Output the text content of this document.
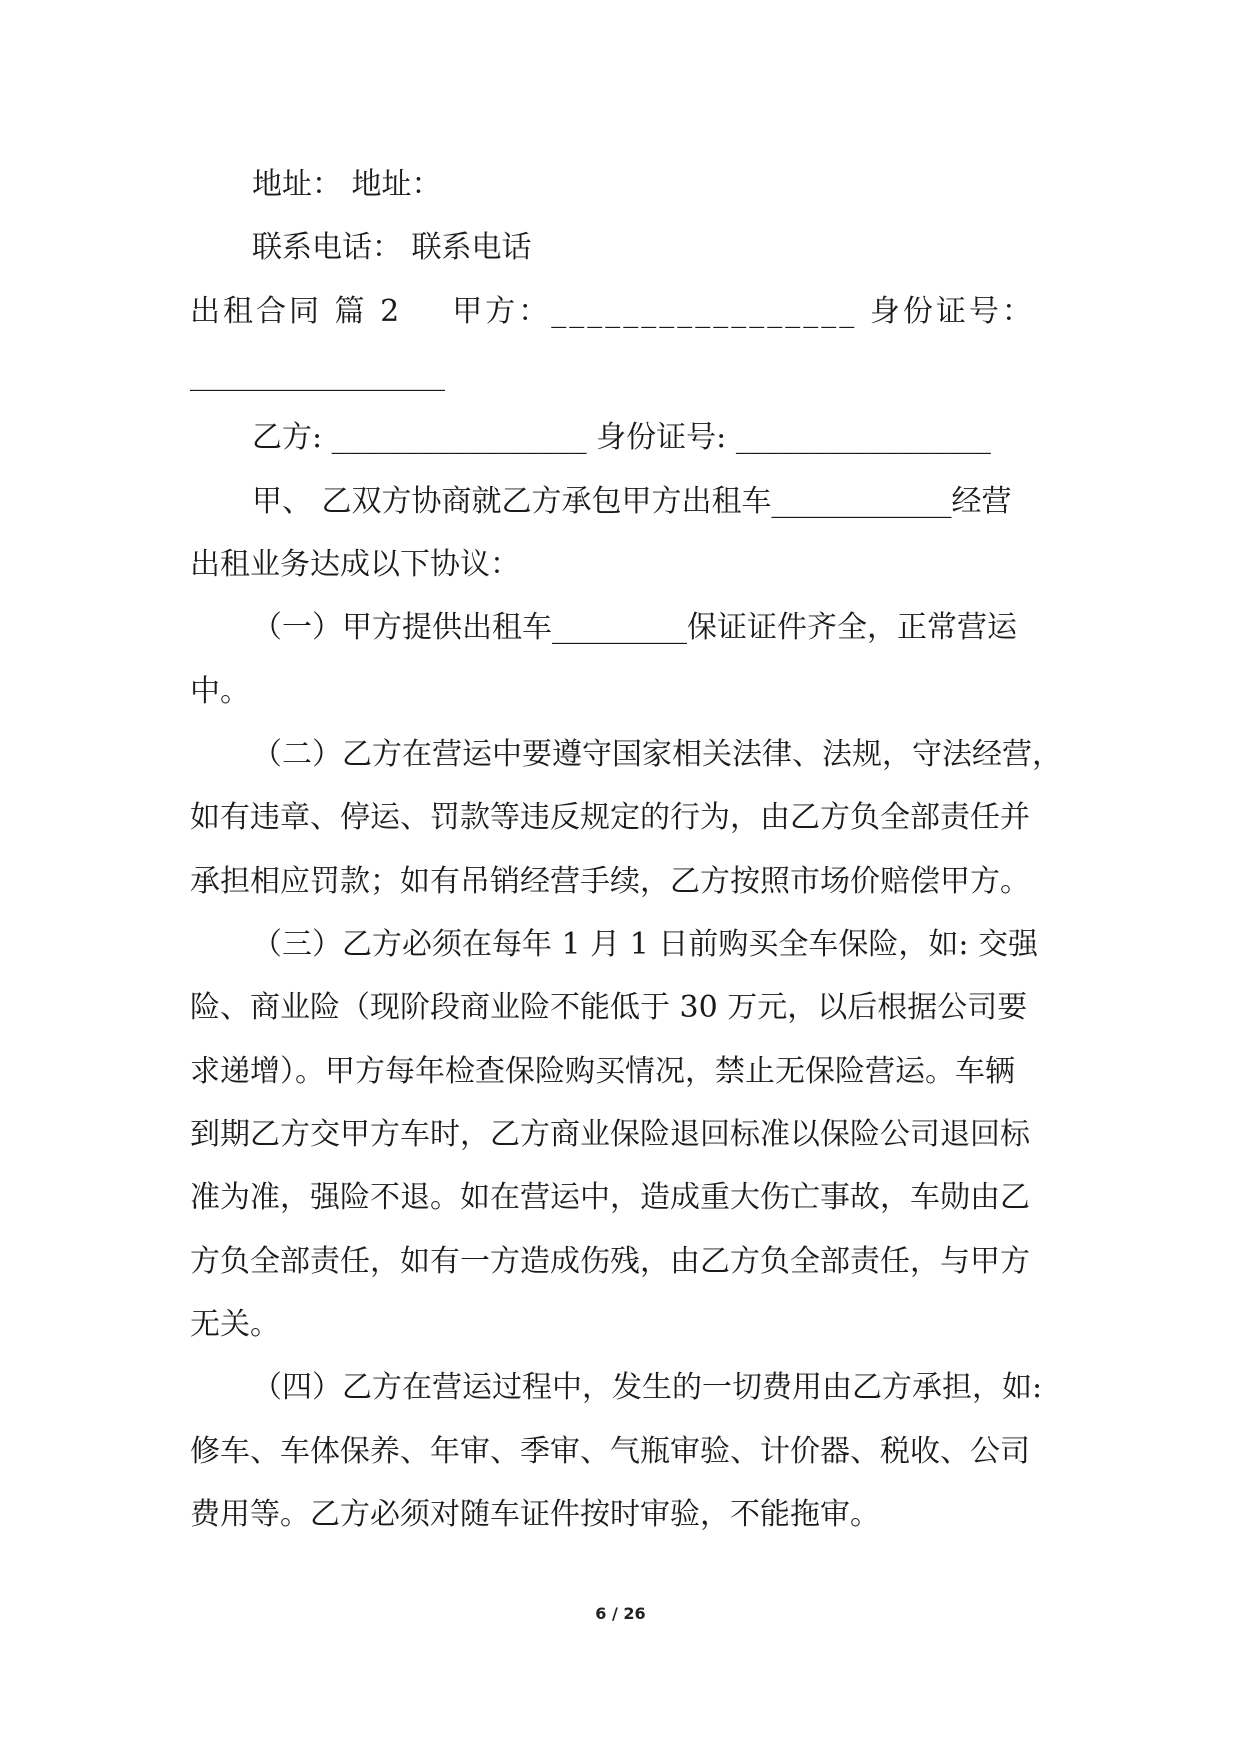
地址： 地址：
联系电话： 联系电话
出租合同 篇 2    甲方：_________________ 身份证号：
_________________
乙方: _________________ 身份证号: _________________
甲、 乙双方协商就乙方承包甲方出租车____________经营
出租业务达成以下协议：
（一）甲方提供出租车_________保证证件齐全，正常营运
中。
（二）乙方在营运中要遵守国家相关法律、法规，守法经营，
如有违章、停运、罚款等违反规定的行为，由乙方负全部责任并
承担相应罚款；如有吊销经营手续，乙方按照市场价赔偿甲方。
（三）乙方必须在每年 1 月 1 日前购买全车保险，如: 交强
险、商业险（现阶段商业险不能低于 30 万元，以后根据公司要
求递增）。甲方每年检查保险购买情况，禁止无保险营运。车辆
到期乙方交甲方车时，乙方商业保险退回标准以保险公司退回标
准为准，强险不退。如在营运中，造成重大伤亡事故，车勋由乙
方负全部责任，如有一方造成伤残，由乙方负全部责任，与甲方
无关。
（四）乙方在营运过程中，发生的一切费用由乙方承担，如:
修车、车体保养、年审、季审、气瓶审验、计价器、税收、公司
费用等。乙方必须对随车证件按时审验，不能拖审。
6 / 26
